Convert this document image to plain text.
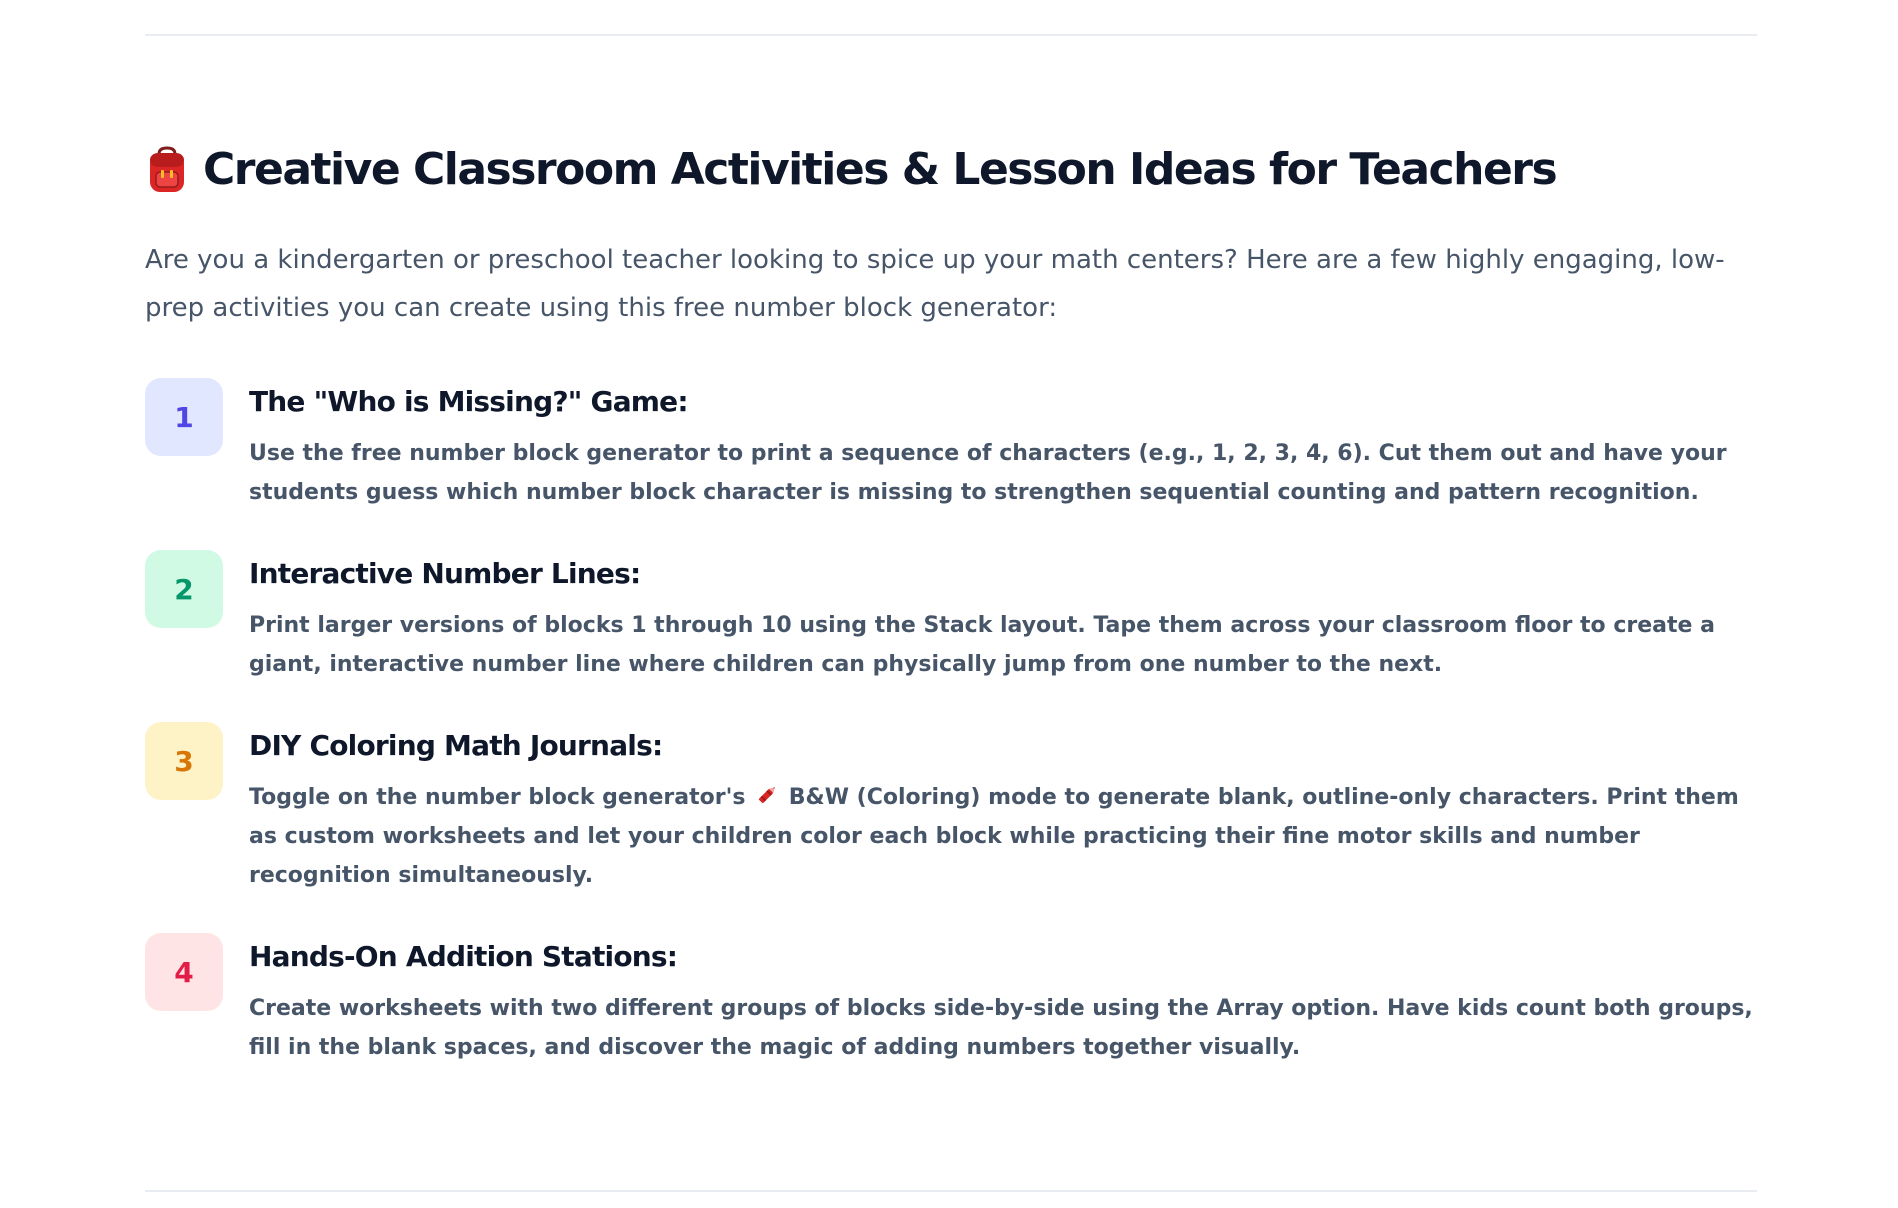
Creative Classroom Activities & Lesson Ideas for Teachers

Are you a kindergarten or preschool teacher looking to spice up your math centers? Here are a few highly engaging, low-prep activities you can create using this free number block generator:

1	The "Who is Missing?" Game:

Use the free number block generator to print a sequence of characters (e.g., 1, 2, 3, 4, 6). Cut them out and have your students guess which number block character is missing to strengthen sequential counting and pattern recognition.

2	Interactive Number Lines:

Print larger versions of blocks 1 through 10 using the Stack layout. Tape them across your classroom floor to create a giant, interactive number line where children can physically jump from one number to the next.

3	DIY Coloring Math Journals:

Toggle on the number block generator's B&W (Coloring) mode to generate blank, outline-only characters. Print them as custom worksheets and let your children color each block while practicing their fine motor skills and number recognition simultaneously.

4	Hands-On Addition Stations:

Create worksheets with two different groups of blocks side-by-side using the Array option. Have kids count both groups, fill in the blank spaces, and discover the magic of adding numbers together visually.
